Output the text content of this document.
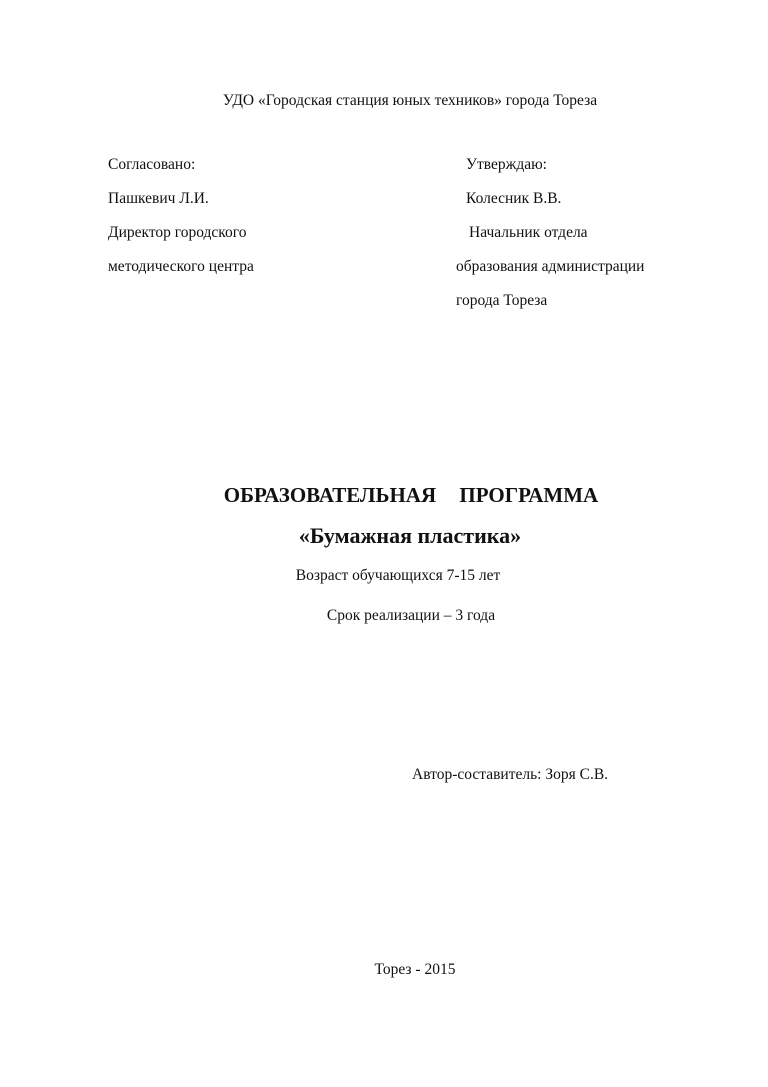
УДО «Городская станция юных техников» города Тореза
Согласовано:
Пашкевич Л.И.
Директор городского
методического центра
Утверждаю:
Колесник В.В.
Начальник отдела
образования администрации
города Тореза
ОБРАЗОВАТЕЛЬНАЯ ПРОГРАММА
«Бумажная пластика»
Возраст обучающихся 7-15 лет
Срок реализации – 3 года
Автор-составитель: Зоря С.В.
Торез - 2015
